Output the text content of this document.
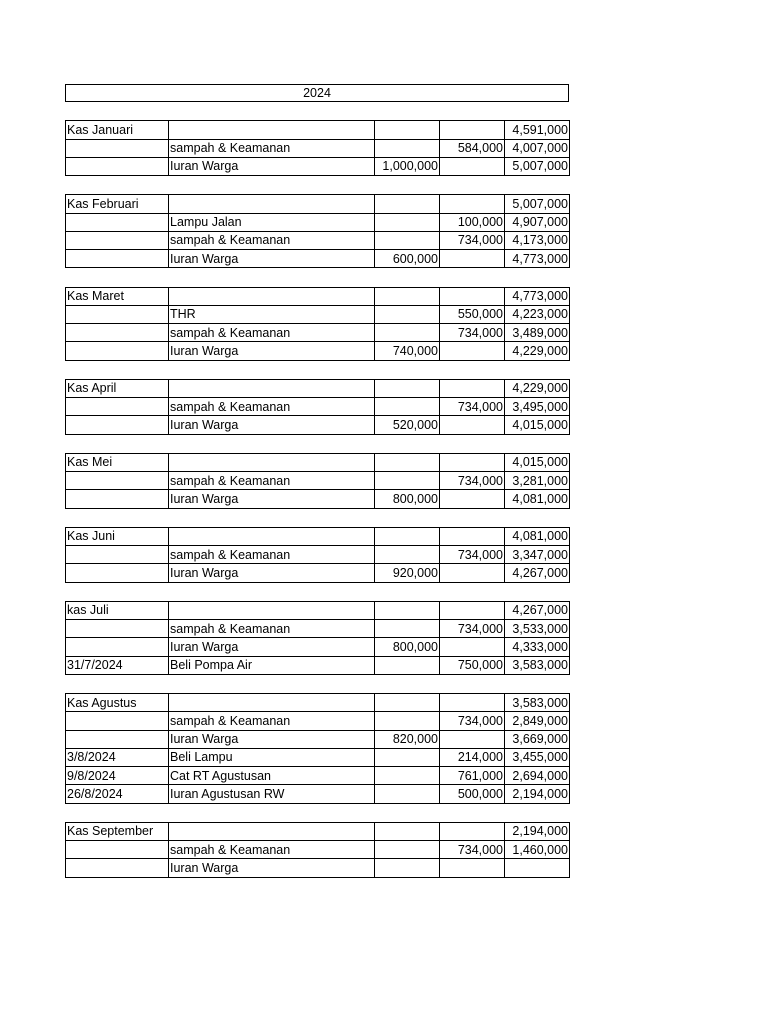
2024
Kas Januari				4,591,000
	sampah & Keamanan		584,000	4,007,000
	Iuran Warga	1,000,000		5,007,000
Kas Februari				5,007,000
	Lampu Jalan		100,000	4,907,000
	sampah & Keamanan		734,000	4,173,000
	Iuran Warga	600,000		4,773,000
Kas Maret				4,773,000
	THR		550,000	4,223,000
	sampah & Keamanan		734,000	3,489,000
	Iuran Warga	740,000		4,229,000
Kas April				4,229,000
	sampah & Keamanan		734,000	3,495,000
	Iuran Warga	520,000		4,015,000
Kas Mei				4,015,000
	sampah & Keamanan		734,000	3,281,000
	Iuran Warga	800,000		4,081,000
Kas Juni				4,081,000
	sampah & Keamanan		734,000	3,347,000
	Iuran Warga	920,000		4,267,000
kas Juli				4,267,000
	sampah & Keamanan		734,000	3,533,000
	Iuran Warga	800,000		4,333,000
31/7/2024	Beli Pompa Air		750,000	3,583,000
Kas Agustus				3,583,000
	sampah & Keamanan		734,000	2,849,000
	Iuran Warga	820,000		3,669,000
3/8/2024	Beli Lampu		214,000	3,455,000
9/8/2024	Cat RT Agustusan		761,000	2,694,000
26/8/2024	Iuran Agustusan RW		500,000	2,194,000
Kas September				2,194,000
	sampah & Keamanan		734,000	1,460,000
	Iuran Warga			
